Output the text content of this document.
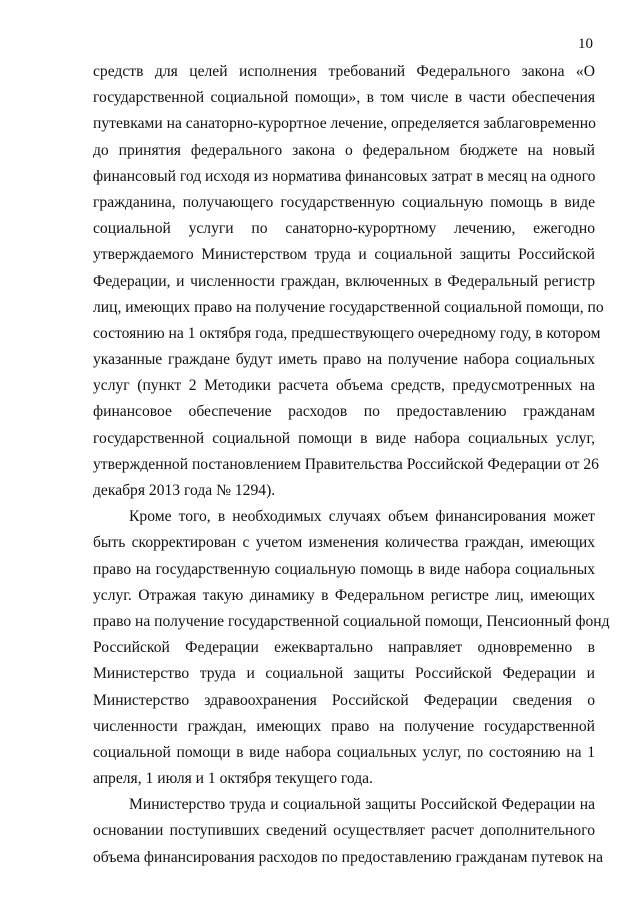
10

средств для целей исполнения требований Федерального закона «О
государственной социальной помощи», в том числе в части обеспечения
путевками на санаторно-курортное лечение, определяется заблаговременно
до принятия федерального закона о федеральном бюджете на новый
финансовый год исходя из норматива финансовых затрат в месяц на одного
гражданина, получающего государственную социальную помощь в виде
социальной услуги по санаторно-курортному лечению, ежегодно
утверждаемого Министерством труда и социальной защиты Российской
Федерации, и численности граждан, включенных в Федеральный регистр
лиц, имеющих право на получение государственной социальной помощи, по
состоянию на 1 октября года, предшествующего очередному году, в котором
указанные граждане будут иметь право на получение набора социальных
услуг (пункт 2 Методики расчета объема средств, предусмотренных на
финансовое обеспечение расходов по предоставлению гражданам
государственной социальной помощи в виде набора социальных услуг,
утвержденной постановлением Правительства Российской Федерации от 26
декабря 2013 года № 1294).

Кроме того, в необходимых случаях объем финансирования может
быть скорректирован с учетом изменения количества граждан, имеющих
право на государственную социальную помощь в виде набора социальных
услуг. Отражая такую динамику в Федеральном регистре лиц, имеющих
право на получение государственной социальной помощи, Пенсионный фонд
Российской Федерации ежеквартально направляет одновременно в
Министерство труда и социальной защиты Российской Федерации и
Министерство здравоохранения Российской Федерации сведения о
численности граждан, имеющих право на получение государственной
социальной помощи в виде набора социальных услуг, по состоянию на 1
апреля, 1 июля и 1 октября текущего года.

Министерство труда и социальной защиты Российской Федерации на
основании поступивших сведений осуществляет расчет дополнительного
объема финансирования расходов по предоставлению гражданам путевок на
